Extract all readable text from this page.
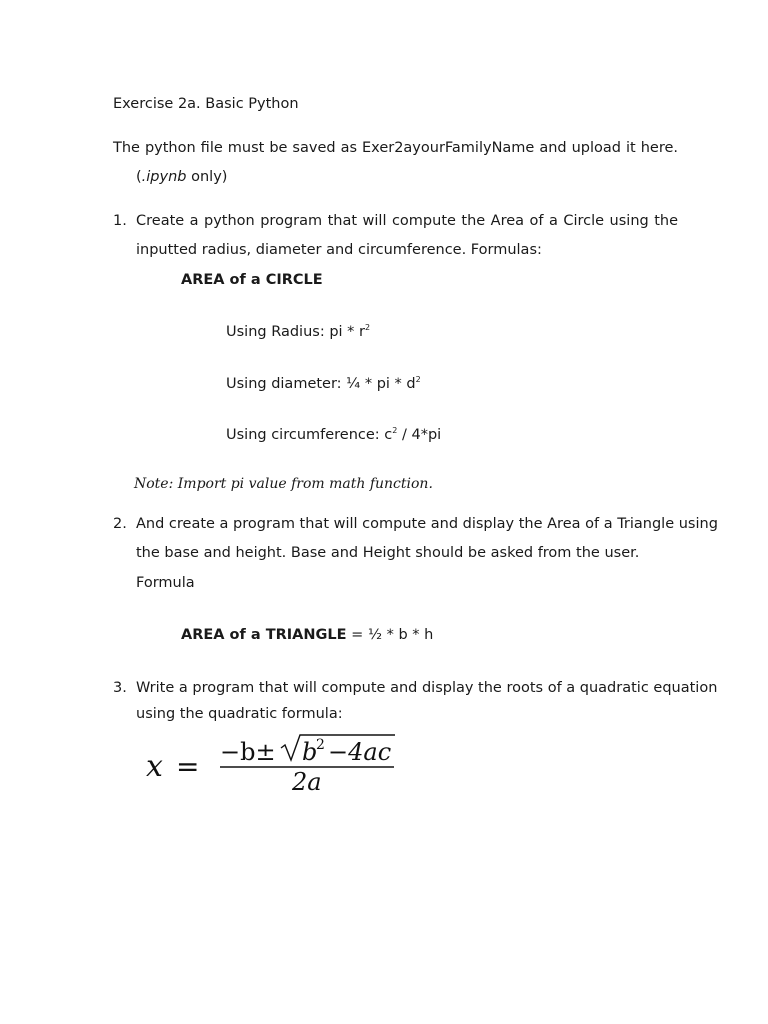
Exercise 2a. Basic Python
The python file must be saved as Exer2ayourFamilyName and upload it here.
(.ipynb only)
1. Create a python program that will compute the Area of a Circle using the
inputted radius, diameter and circumference. Formulas:
AREA of a CIRCLE
Using Radius: pi * $r^2$
Using diameter: ¼ * pi * $d^2$
Using circumference: $c^2 / 4*pi$
Note: Import pi value from math function.
2. And create a program that will compute and display the Area of a Triangle using
the base and height. Base and Height should be asked from the user.
Formula
AREA of a TRIANGLE = ½ * b * h
3. Write a program that will compute and display the roots of a quadratic equation
using the quadratic formula:
x = −b± b
2 −4ac
2a
